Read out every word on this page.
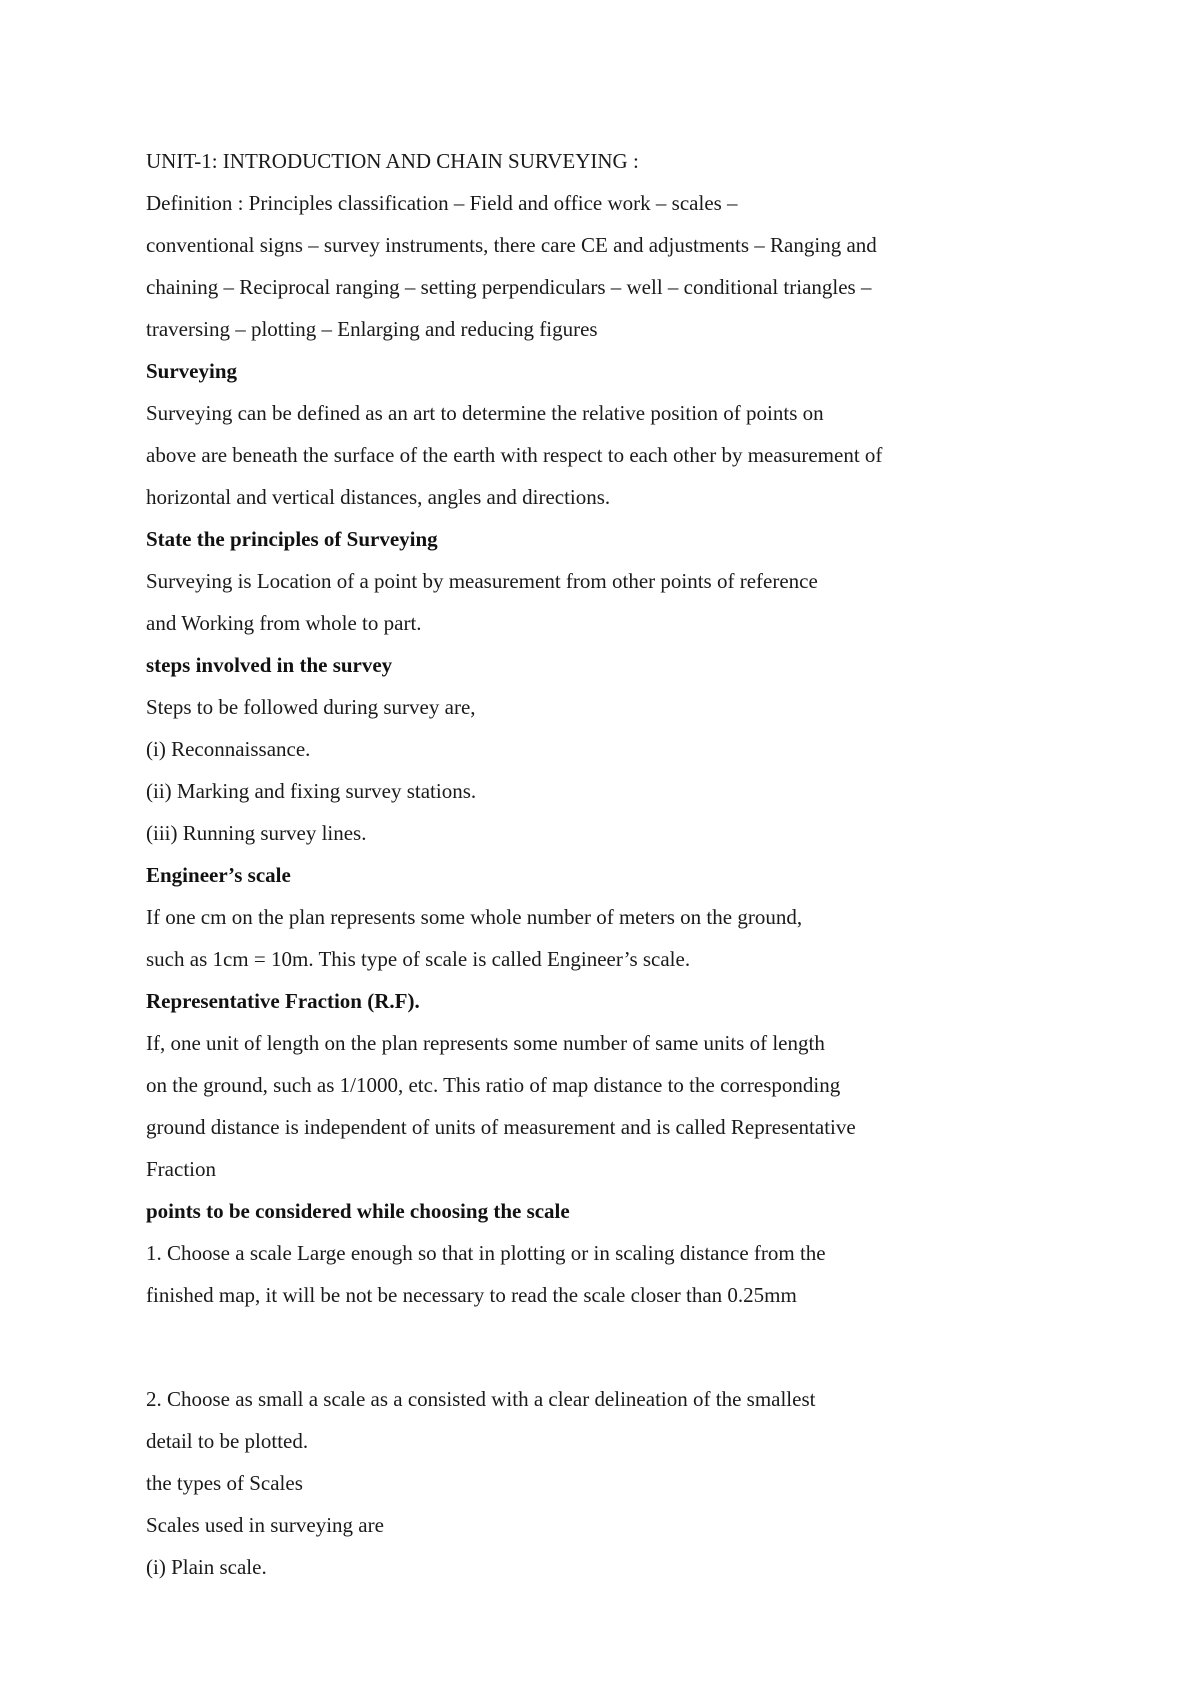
UNIT-1: INTRODUCTION AND CHAIN SURVEYING :
Definition : Principles classification – Field and office work – scales –
conventional signs – survey instruments, there care CE and adjustments – Ranging and
chaining – Reciprocal ranging – setting perpendiculars – well – conditional triangles –
traversing – plotting – Enlarging and reducing figures
Surveying
Surveying can be defined as an art to determine the relative position of points on
above are beneath the surface of the earth with respect to each other by measurement of
horizontal and vertical distances, angles and directions.
State the principles of Surveying
Surveying is Location of a point by measurement from other points of reference
and Working from whole to part.
steps involved in the survey
Steps to be followed during survey are,
(i) Reconnaissance.
(ii) Marking and fixing survey stations.
(iii) Running survey lines.
Engineer’s scale
If one cm on the plan represents some whole number of meters on the ground,
such as 1cm = 10m. This type of scale is called Engineer’s scale.
Representative Fraction (R.F).
If, one unit of length on the plan represents some number of same units of length
on the ground, such as 1/1000, etc. This ratio of map distance to the corresponding
ground distance is independent of units of measurement and is called Representative
Fraction
points to be considered while choosing the scale
1. Choose a scale Large enough so that in plotting or in scaling distance from the
finished map, it will be not be necessary to read the scale closer than 0.25mm
2. Choose as small a scale as a consisted with a clear delineation of the smallest
detail to be plotted.
the types of Scales
Scales used in surveying are
(i) Plain scale.
